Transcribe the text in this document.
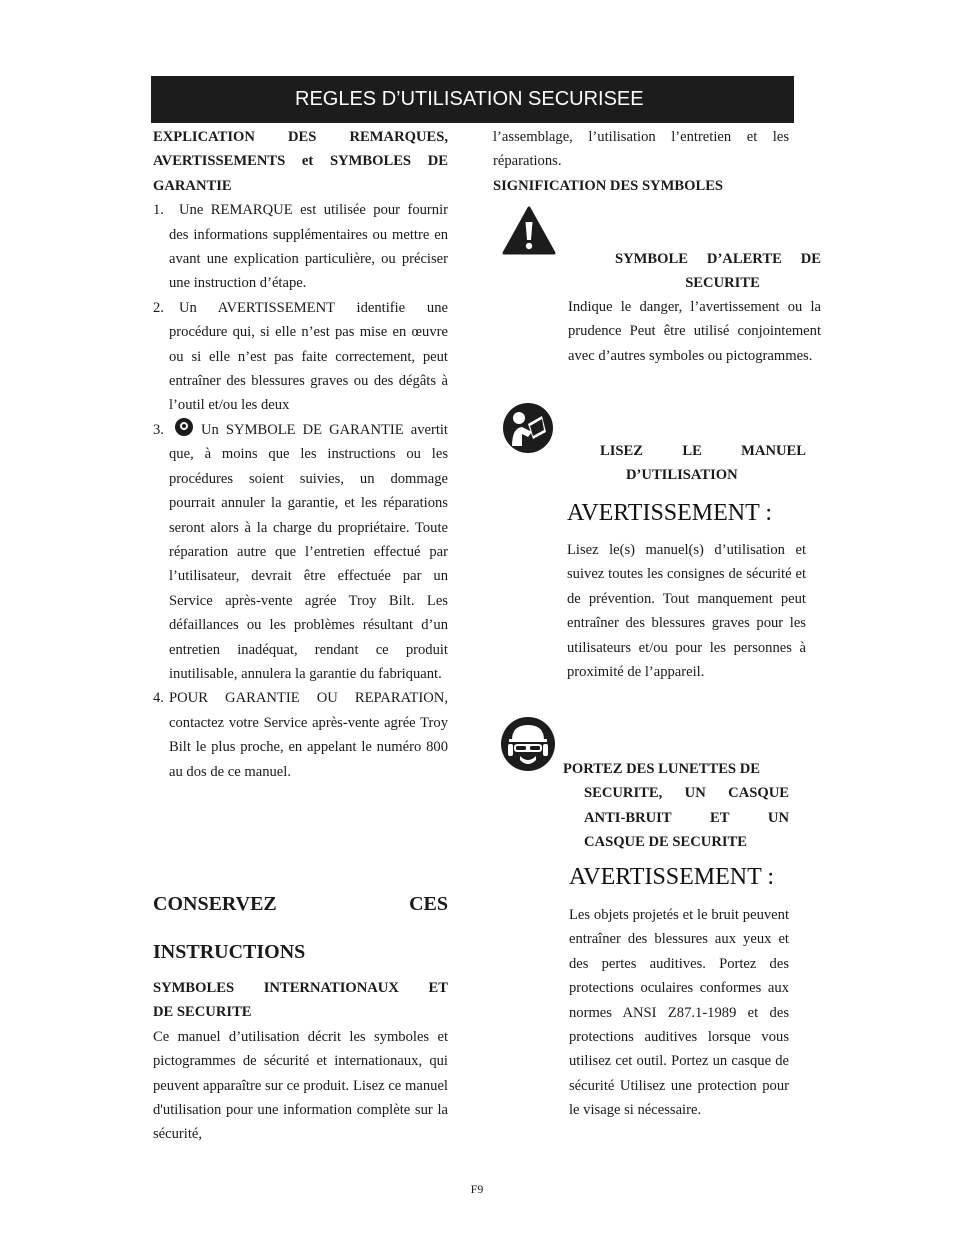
REGLES D’UTILISATION SECURISEE
EXPLICATION DES REMARQUES,
AVERTISSEMENTS et SYMBOLES DE
GARANTIE
1.	Une REMARQUE est utilisée pour fournir des informations supplémentaires ou mettre en avant une explication particulière, ou préciser une instruction d’étape.

2.	Un AVERTISSEMENT identifie une procédure qui, si elle n’est pas mise en œuvre ou si elle n’est pas faite correctement, peut entraîner des blessures graves ou des dégâts à l’outil et/ou les deux

3.	Un SYMBOLE DE GARANTIE avertit que, à moins que les instructions ou les procédures soient suivies, un dommage pourrait annuler la garantie, et les réparations seront alors à la charge du propriétaire. Toute réparation autre que l’entretien effectué par l’utilisateur, devrait être effectuée par un Service après-vente agrée Troy Bilt. Les défaillances ou les problèmes résultant d’un entretien inadéquat, rendant ce produit inutilisable, annulera la garantie du fabriquant.

4. POUR GARANTIE OU REPARATION, contactez votre Service après-vente agrée Troy Bilt le plus proche, en appelant le numéro 800 au dos de ce manuel.

CONSERVEZ	CES
INSTRUCTIONS
SYMBOLES INTERNATIONAUX ET
DE SECURITE

Ce manuel d’utilisation décrit les symboles et pictogrammes de sécurité et internationaux, qui peuvent apparaître sur ce produit. Lisez ce manuel d'utilisation pour une information complète sur la sécurité,

l’assemblage, l’utilisation l’entretien et les réparations.

SIGNIFICATION DES SYMBOLES
SYMBOLE D’ALERTE DE
SECURITE
Indique le danger, l’avertissement ou la prudence Peut être utilisé conjointement avec d’autres symboles ou pictogrammes.
LISEZ LE MANUEL
D’UTILISATION
AVERTISSEMENT :
Lisez le(s) manuel(s) d’utilisation et suivez toutes les consignes de sécurité et de prévention. Tout manquement peut entraîner des blessures graves pour les utilisateurs et/ou pour les personnes à proximité de l’appareil.
PORTEZ DES LUNETTES DE
SECURITE, UN CASQUE
ANTI-BRUIT ET UN
CASQUE DE SECURITE
AVERTISSEMENT :
Les objets projetés et le bruit peuvent entraîner des blessures aux yeux et des pertes auditives. Portez des protections oculaires conformes aux normes ANSI Z87.1-1989 et des protections auditives lorsque vous utilisez cet outil. Portez un casque de sécurité Utilisez une protection pour le visage si nécessaire.
F9
